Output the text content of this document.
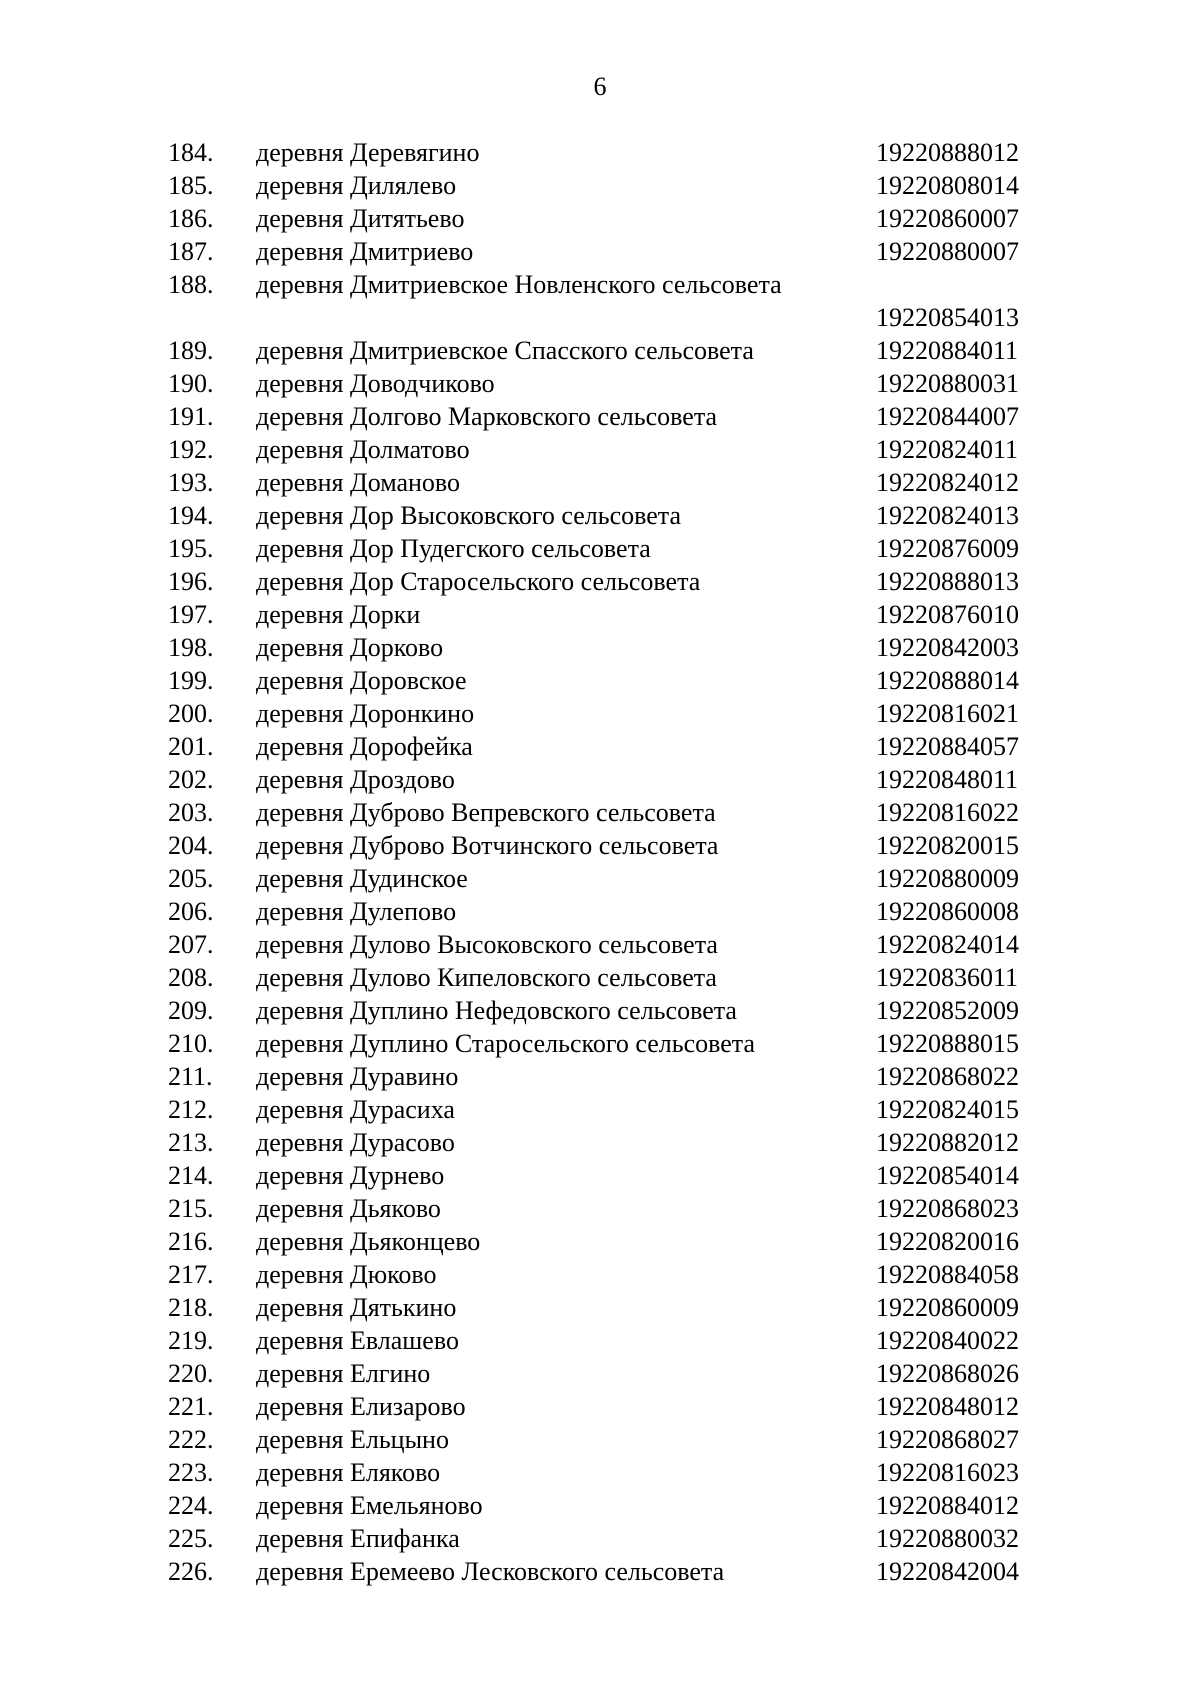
6
184. деревня Деревягино	19220888012
185. деревня Дилялево	19220808014
186. деревня Дитятьево	19220860007
187. деревня Дмитриево	19220880007
188. деревня Дмитриевское Новленского сельсовета
19220854013
189. деревня Дмитриевское Спасского сельсовета	19220884011
190. деревня Доводчиково	19220880031
191. деревня Долгово Марковского сельсовета	19220844007
192. деревня Долматово	19220824011
193. деревня Доманово	19220824012
194. деревня Дор Высоковского сельсовета	19220824013
195. деревня Дор Пудегского сельсовета	19220876009
196. деревня Дор Старосельского сельсовета	19220888013
197. деревня Дорки	19220876010
198. деревня Дорково	19220842003
199. деревня Доровское	19220888014
200. деревня Доронкино	19220816021
201. деревня Дорофейка	19220884057
202. деревня Дроздово	19220848011
203. деревня Дуброво Вепревского сельсовета	19220816022
204. деревня Дуброво Вотчинского сельсовета	19220820015
205. деревня Дудинское	19220880009
206. деревня Дулепово	19220860008
207. деревня Дулово Высоковского сельсовета	19220824014
208. деревня Дулово Кипеловского сельсовета	19220836011
209. деревня Дуплино Нефедовского сельсовета	19220852009
210. деревня Дуплино Старосельского сельсовета	19220888015
211. деревня Дуравино	19220868022
212. деревня Дурасиха	19220824015
213. деревня Дурасово	19220882012
214. деревня Дурнево	19220854014
215. деревня Дьяково	19220868023
216. деревня Дьяконцево	19220820016
217. деревня Дюково	19220884058
218. деревня Дятькино	19220860009
219. деревня Евлашево	19220840022
220. деревня Елгино	19220868026
221. деревня Елизарово	19220848012
222. деревня Ельцыно	19220868027
223. деревня Еляково	19220816023
224. деревня Емельяново	19220884012
225. деревня Епифанка	19220880032
226. деревня Еремеево Лесковского сельсовета	19220842004
